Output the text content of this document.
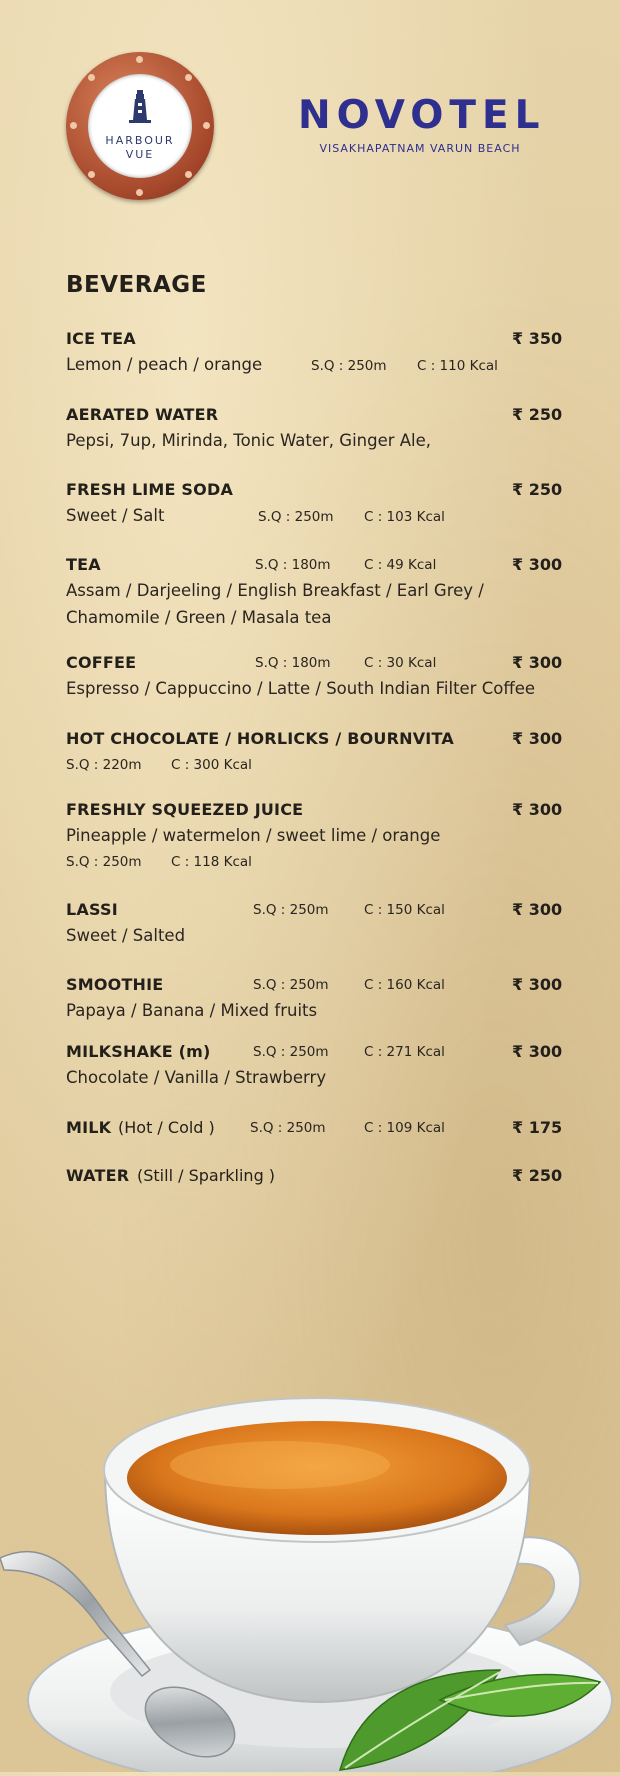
HARBOUR
VUE
NOVOTEL
VISAKHAPATNAM VARUN BEACH
BEVERAGE
ICE TEA	₹ 350
Lemon / peach / orange	S.Q : 250m C : 110 Kcal
AERATED WATER	₹ 250
Pepsi, 7up, Mirinda, Tonic Water, Ginger Ale,
FRESH LIME SODA	₹ 250
Sweet / Salt	S.Q : 250m C : 103 Kcal
TEA	S.Q : 180m C : 49 Kcal	₹ 300
Assam / Darjeeling / English Breakfast / Earl Grey /
Chamomile / Green / Masala tea
COFFEE	S.Q : 180m C : 30 Kcal	₹ 300
Espresso / Cappuccino / Latte / South Indian Filter Coffee
HOT CHOCOLATE / HORLICKS / BOURNVITA	₹ 300
S.Q : 220m C : 300 Kcal
FRESHLY SQUEEZED JUICE	₹ 300
Pineapple / watermelon / sweet lime / orange
S.Q : 250m C : 118 Kcal
LASSI	S.Q : 250m	C : 150 Kcal	₹ 300
Sweet / Salted
SMOOTHIE	S.Q : 250m	C : 160 Kcal	₹ 300
Papaya / Banana / Mixed fruits
MILKSHAKE (m)	S.Q : 250m	C : 271 Kcal	₹ 300
Chocolate / Vanilla / Strawberry
MILK (Hot / Cold )	S.Q : 250m	C : 109 Kcal	₹ 175
WATER (Still / Sparkling )	₹ 250
